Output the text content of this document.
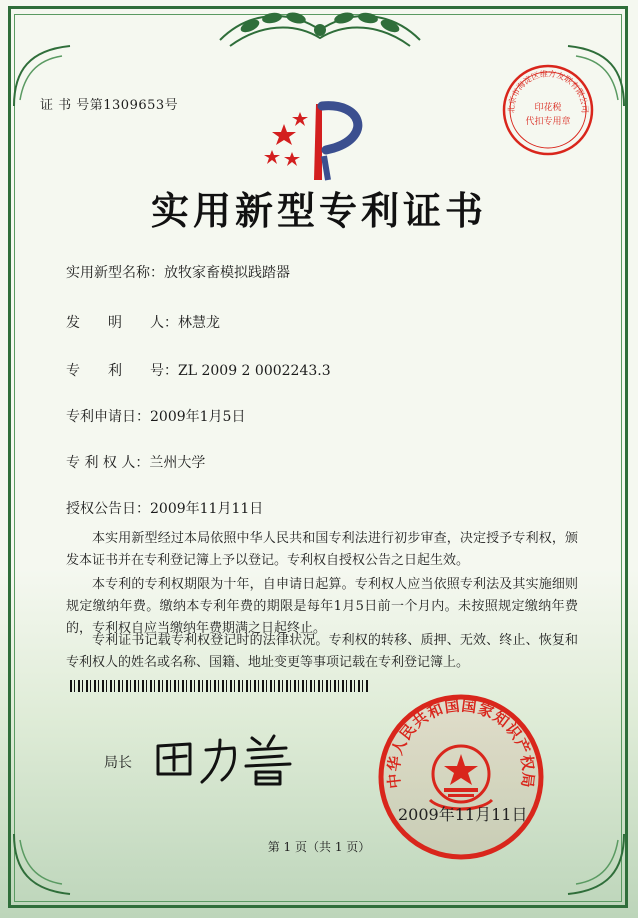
证 书 号第1309653号
实用新型专利证书
实用新型名称：放牧家畜模拟践踏器
发　　明　　人：林慧龙
专　　利　　号：ZL 2009 2 0002243.3
专利申请日：2009年1月5日
专 利 权 人：兰州大学
授权公告日：2009年11月11日
本实用新型经过本局依照中华人民共和国专利法进行初步审查，决定授予专利权，颁发本证书并在专利登记簿上予以登记。专利权自授权公告之日起生效。
本专利的专利权期限为十年，自申请日起算。专利权人应当依照专利法及其实施细则规定缴纳年费。缴纳本专利年费的期限是每年1月5日前一个月内。未按照规定缴纳年费的，专利权自应当缴纳年费期满之日起终止。
专利证书记载专利权登记时的法律状况。专利权的转移、质押、无效、终止、恢复和专利权人的姓名或名称、国籍、地址变更等事项记载在专利登记簿上。
局长
中华人民共和国国家知识产权局
2009年11月11日
北京市海淀区维方友联有限公司
印花税
代扣专用章
第 1 页（共 1 页）
